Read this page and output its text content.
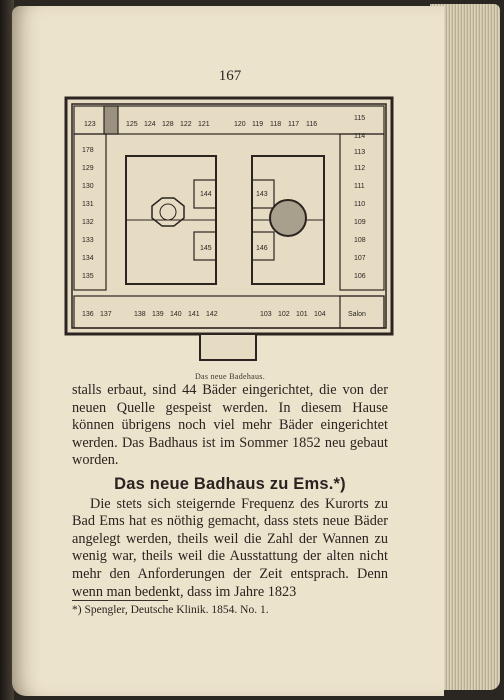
167
123	125 124 128 122 121	120 119 118 117 116
115
178
129
130
131
132
133
134
135
114
113
112
111
110
109
108
107
106
136 137	138 139 140 141 142	103 102 101 104
144	143
145	146
Salon
Das neue Badehaus.

stalls erbaut, sind 44 Bäder eingerichtet, die von der neuen Quelle gespeist werden. In diesem Hause können übrigens noch viel mehr Bäder eingerichtet werden. Das Badhaus ist im Sommer 1852 neu gebaut worden.

Das neue Badhaus zu Ems.*)

Die stets sich steigernde Frequenz des Kurorts zu Bad Ems hat es nöthig gemacht, dass stets neue Bäder angelegt werden, theils weil die Zahl der Wannen zu wenig war, theils weil die Ausstattung der alten nicht mehr den Anforderungen der Zeit entsprach. Denn wenn man bedenkt, dass im Jahre 1823

*) Spengler, Deutsche Klinik. 1854. No. 1.
